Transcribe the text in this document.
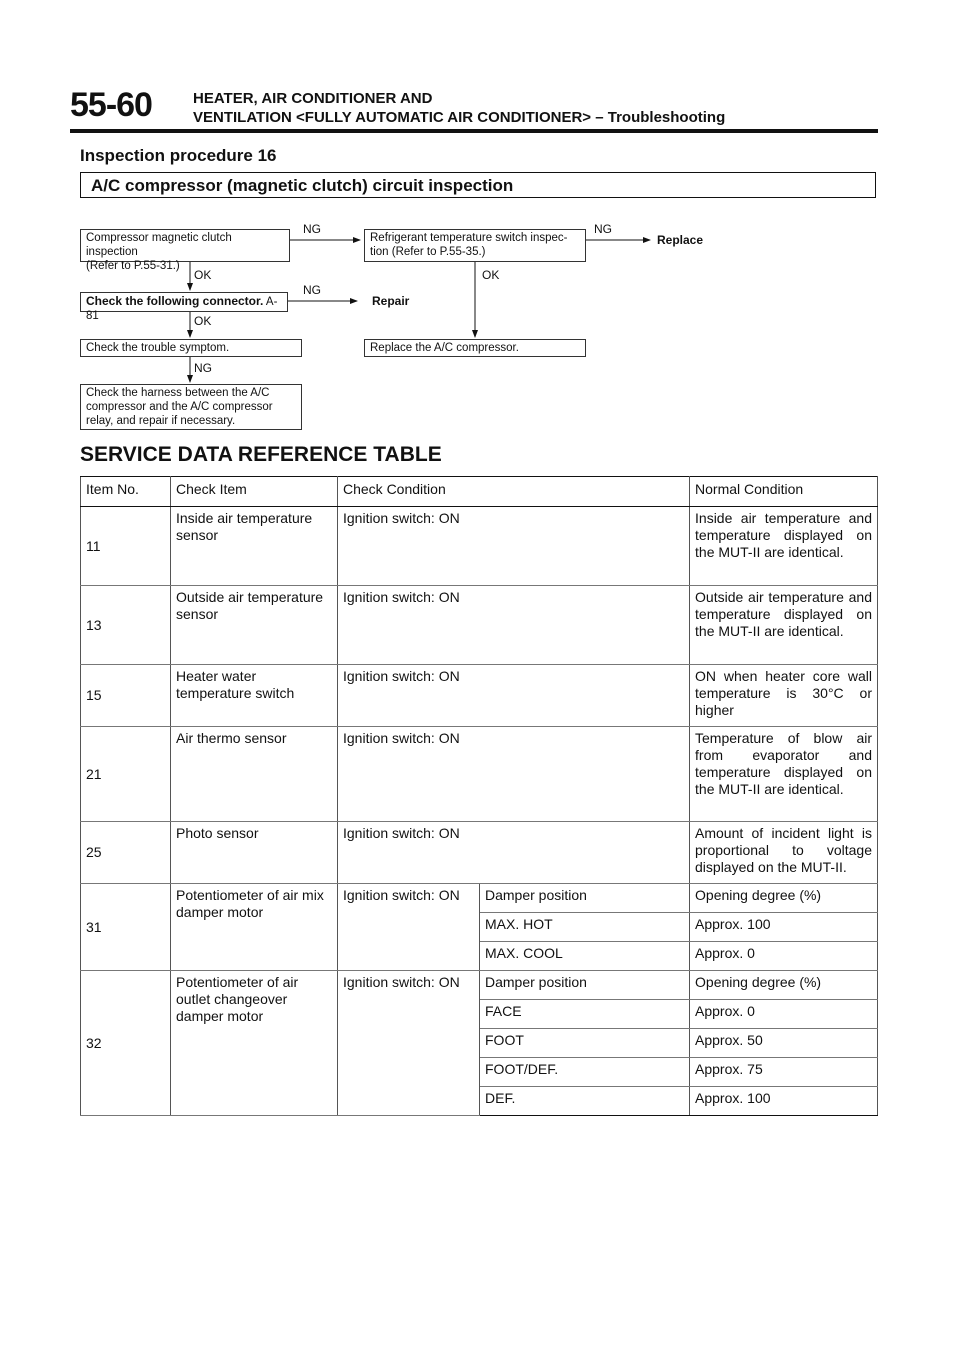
55-60	HEATER, AIR CONDITIONER AND
VENTILATION <FULLY AUTOMATIC AIR CONDITIONER> – Troubleshooting
Inspection procedure 16
A/C compressor (magnetic clutch) circuit inspection
Compressor magnetic clutch inspection
(Refer to P.55-31.)
NG
Refrigerant temperature switch inspec-
tion (Refer to P.55-35.)
NG
Replace
OK	OK
Check the following connector. A-81
NG
Repair
OK
Check the trouble symptom.	Replace the A/C compressor.
NG
Check the harness between the A/C
compressor and the A/C compressor
relay, and repair if necessary.
SERVICE DATA REFERENCE TABLE
Item No.	Check Item	Check Condition		Normal Condition
11	Inside air temperature sensor	Ignition switch: ON		Inside air temperature and temperature displayed on the MUT-II are identical.
13	Outside air temperature sensor	Ignition switch: ON		Outside air temperature and temperature displayed on the MUT-II are identical.
15	Heater water temperature switch	Ignition switch: ON		ON when heater core wall temperature is 30°C or higher
21	Air thermo sensor	Ignition switch: ON		Temperature of blow air from evaporator and temperature displayed on the MUT-II are identical.
25	Photo sensor	Ignition switch: ON		Amount of incident light is proportional to voltage displayed on the MUT-II.
31	Potentiometer of air mix damper motor	Ignition switch: ON	Damper position	Opening degree (%)
			MAX. HOT	Approx. 100
			MAX. COOL	Approx. 0
32	Potentiometer of air outlet changeover damper motor	Ignition switch: ON	Damper position	Opening degree (%)
			FACE	Approx. 0
			FOOT	Approx. 50
			FOOT/DEF.	Approx. 75
			DEF.	Approx. 100
